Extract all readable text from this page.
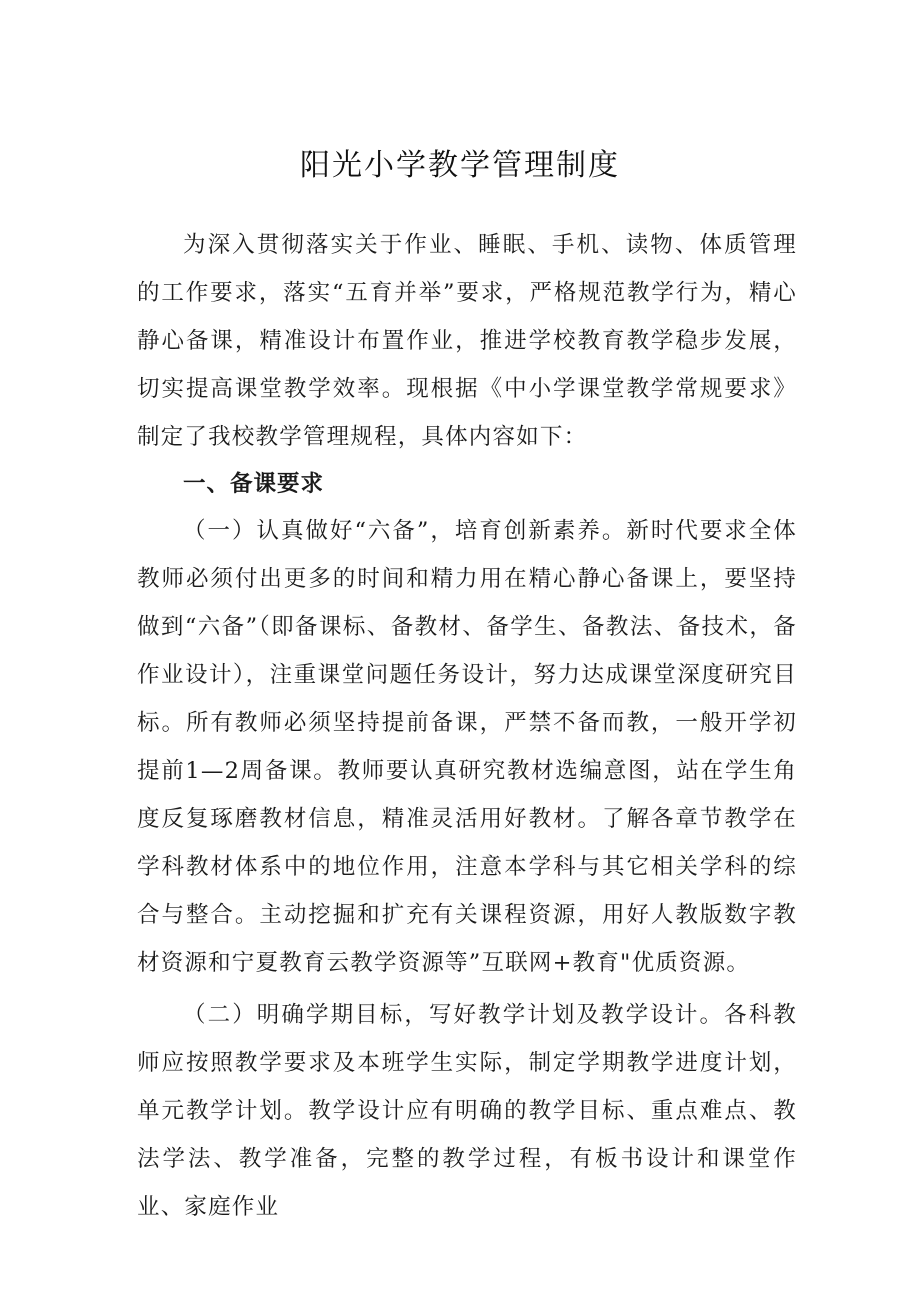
阳光小学教学管理制度

为深入贯彻落实关于作业、睡眠、手机、读物、体质管理的工作要求，落实“五育并举”要求，严格规范教学行为，精心静心备课，精准设计布置作业，推进学校教育教学稳步发展，切实提高课堂教学效率。现根据《中小学课堂教学常规要求》制定了我校教学管理规程，具体内容如下：

一、备课要求

（一）认真做好“六备”，培育创新素养。新时代要求全体教师必须付出更多的时间和精力用在精心静心备课上，要坚持做到“六备”（即备课标、备教材、备学生、备教法、备技术，备作业设计），注重课堂问题任务设计，努力达成课堂深度研究目标。所有教师必须坚持提前备课，严禁不备而教，一般开学初提前1—2周备课。教师要认真研究教材选编意图，站在学生角度反复琢磨教材信息，精准灵活用好教材。了解各章节教学在学科教材体系中的地位作用，注意本学科与其它相关学科的综合与整合。主动挖掘和扩充有关课程资源，用好人教版数字教材资源和宁夏教育云教学资源等”互联网+教育"优质资源。

（二）明确学期目标，写好教学计划及教学设计。各科教师应按照教学要求及本班学生实际，制定学期教学进度计划，单元教学计划。教学设计应有明确的教学目标、重点难点、教法学法、教学准备，完整的教学过程，有板书设计和课堂作业、家庭作业
